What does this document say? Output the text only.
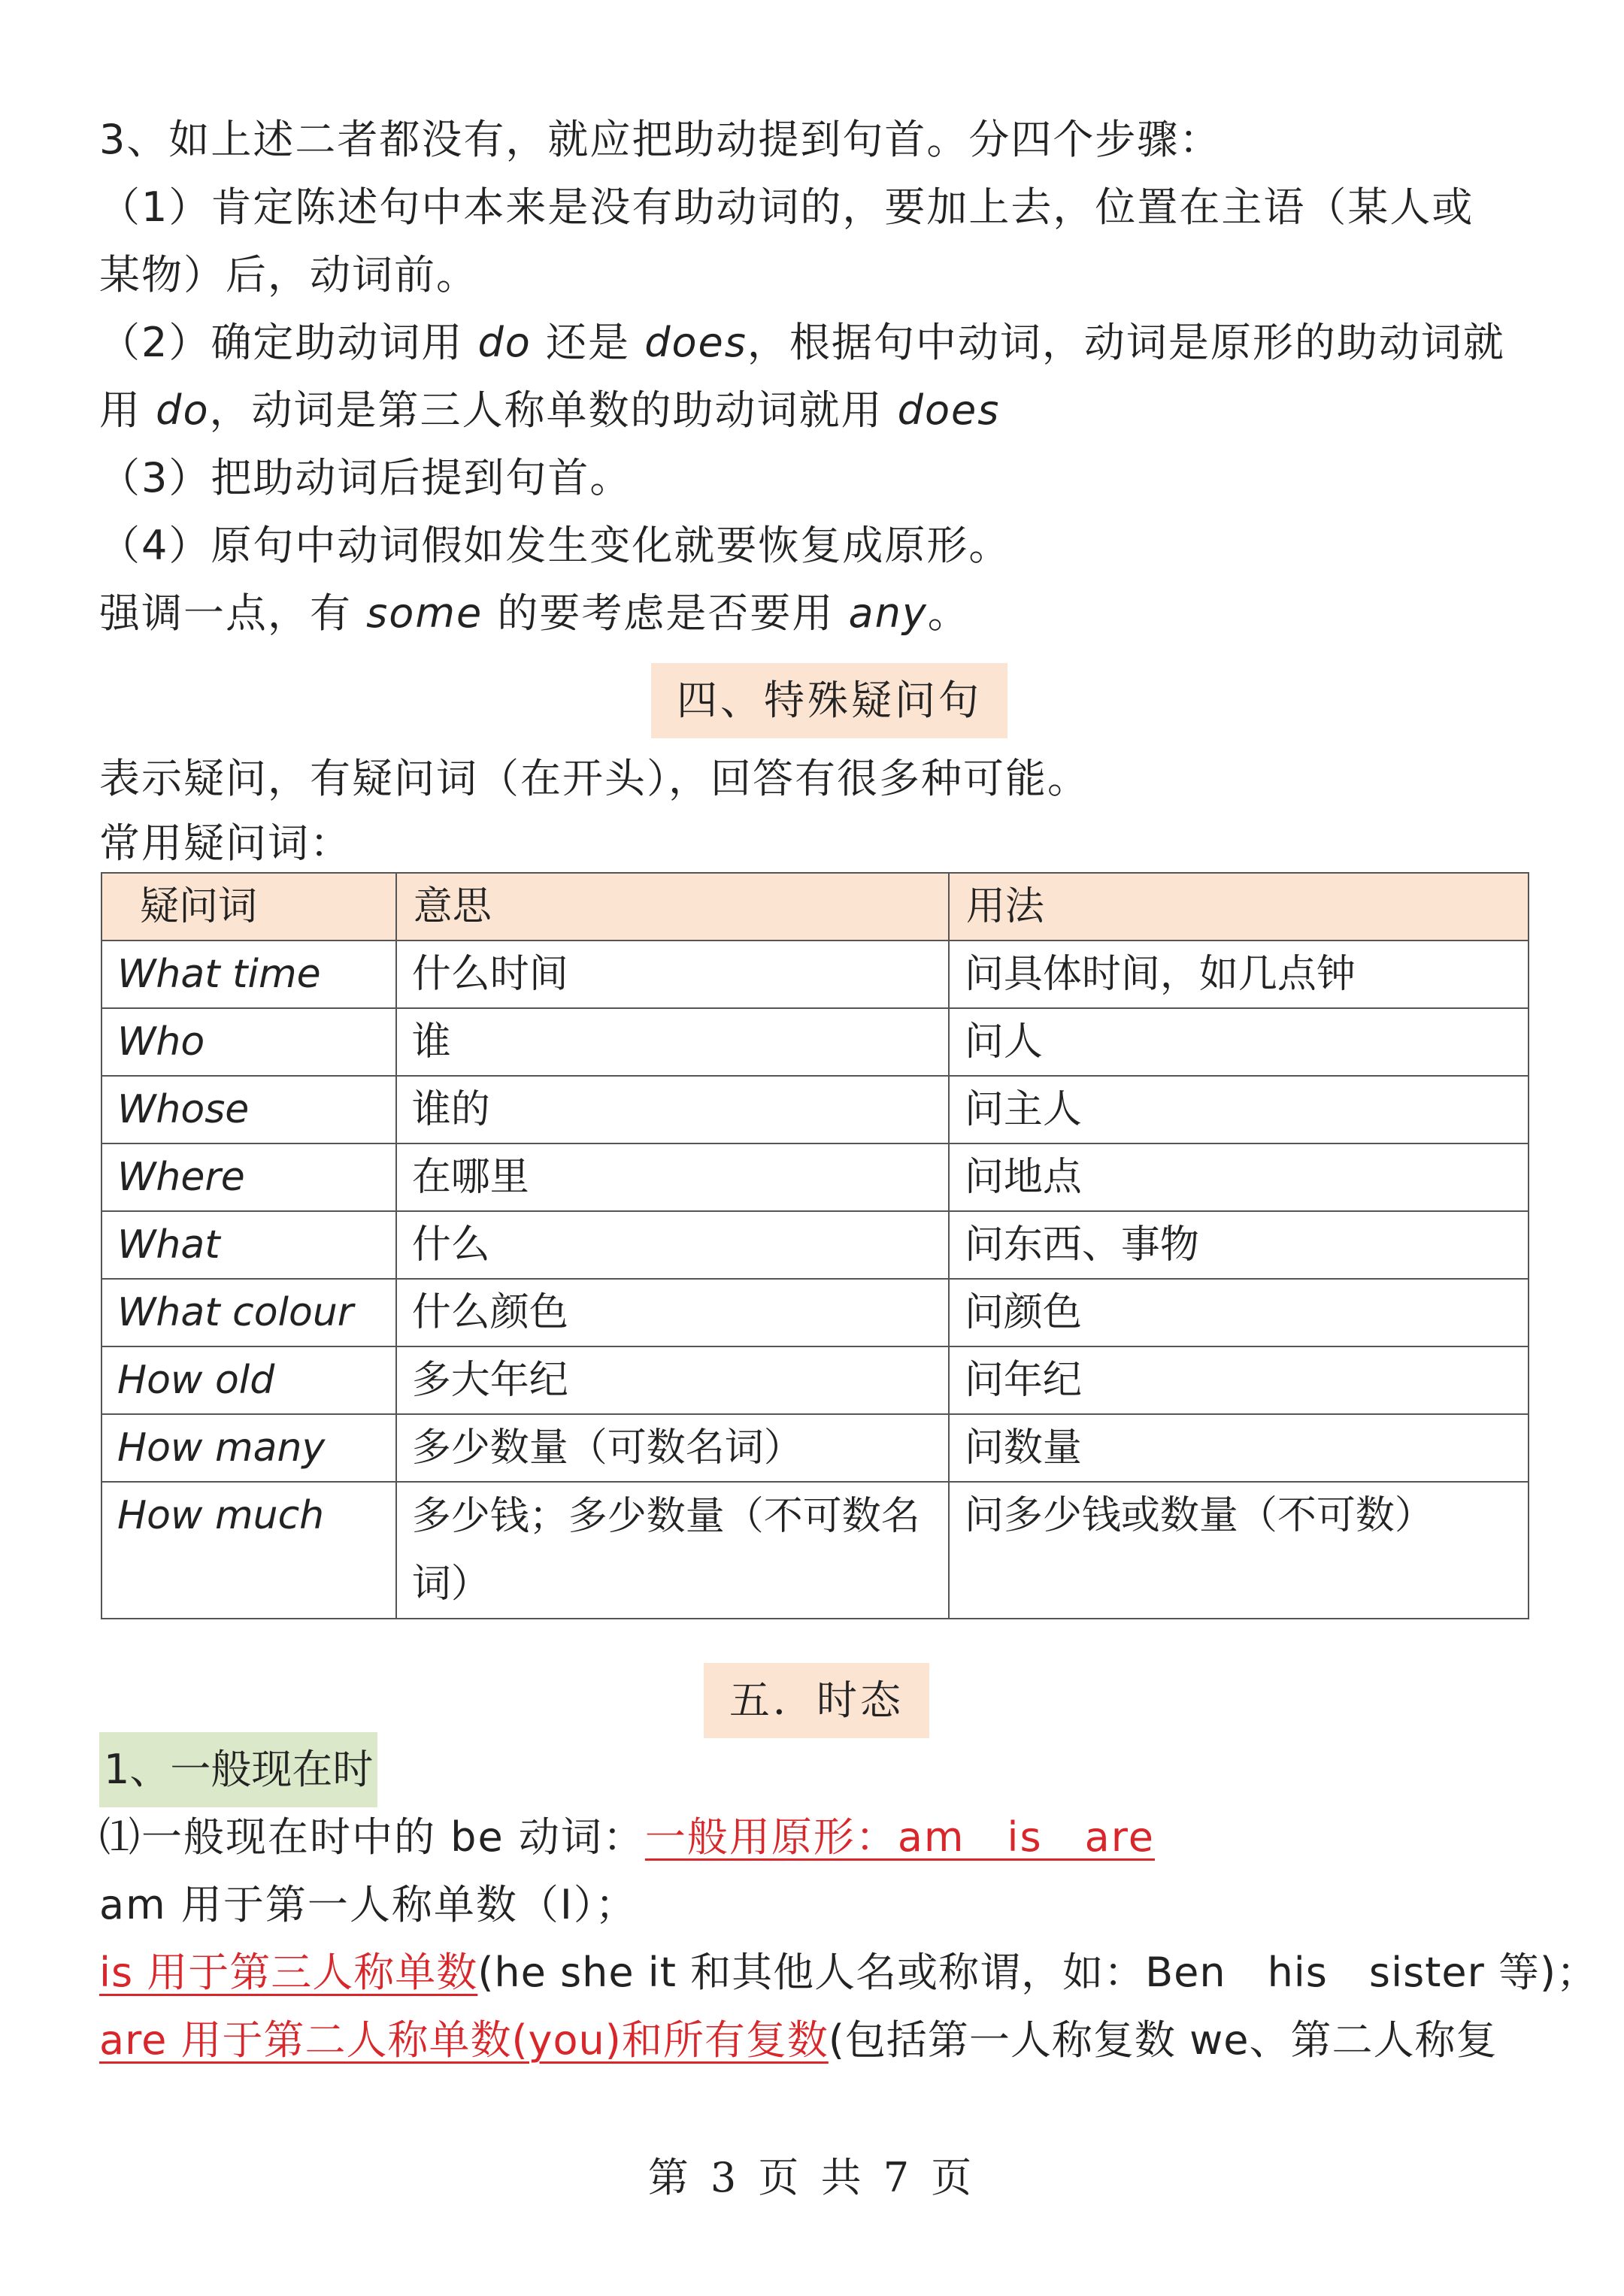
3、如上述二者都没有，就应把助动提到句首。分四个步骤：
（1）肯定陈述句中本来是没有助动词的，要加上去，位置在主语（某人或
某物）后，动词前。
（2）确定助动词用 do 还是 does，根据句中动词，动词是原形的助动词就
用 do，动词是第三人称单数的助动词就用 does
（3）把助动词后提到句首。
（4）原句中动词假如发生变化就要恢复成原形。
强调一点，有 some 的要考虑是否要用 any。
四、特殊疑问句
表示疑问，有疑问词（在开头），回答有很多种可能。
常用疑问词：
疑问词	意思	用法
What time	什么时间	问具体时间，如几点钟
Who	谁	问人
Whose	谁的	问主人
Where	在哪里	问地点
What	什么	问东西、事物
What colour	什么颜色	问颜色
How old	多大年纪	问年纪
How many	多少数量（可数名词）	问数量
How much	多少钱；多少数量（不可数名词）	问多少钱或数量（不可数）
五．时态
1、一般现在时
⑴一般现在时中的 be 动词：一般用原形：am　is　are
am 用于第一人称单数（I）；
is 用于第三人称单数(he she it 和其他人名或称谓，如：Ben　his　sister 等)；
are 用于第二人称单数(you)和所有复数(包括第一人称复数 we、第二人称复
第 3 页 共 7 页
